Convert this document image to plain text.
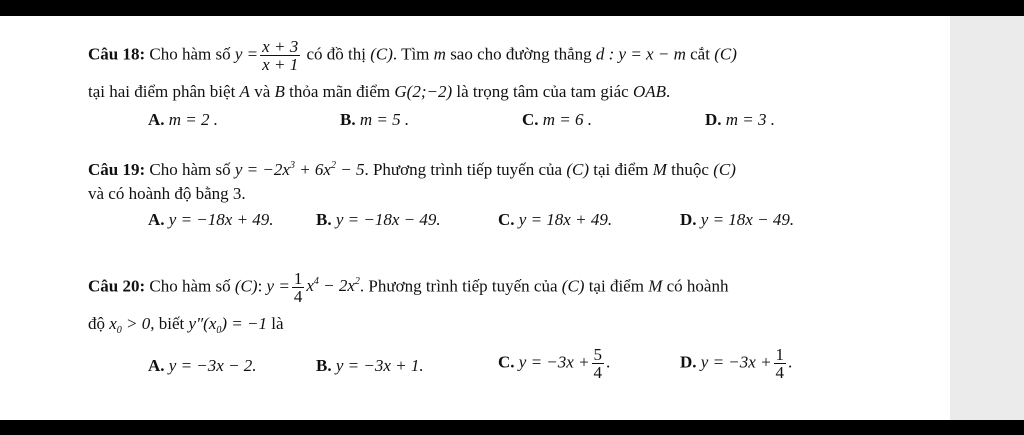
Câu 18: Cho hàm số $y = \frac{x + 3}{x + 1}$ có đồ thị (C). Tìm m sao cho đường thẳng d : y = x − m cắt (C)
tại hai điểm phân biệt A và B thỏa mãn điểm G(2;−2) là trọng tâm của tam giác OAB.
A. m = 2 .	B. m = 5 .	C. m = 6 .	D. m = 3 .
Câu 19: Cho hàm số $y = -2x^3 + 6x^2 - 5$. Phương trình tiếp tuyến của (C) tại điểm M thuộc (C)
và có hoành độ bằng 3.
A. y = −18x + 49. B. y = −18x − 49.	C. y = 18x + 49.	D. y = 18x − 49.
Câu 20: Cho hàm số (C): $y = \frac{1}{4} x^4 - 2x^2$. Phương trình tiếp tuyến của (C) tại điểm M có hoành
độ $x_0 > 0$, biết $y''(x_0) = -1$ là
A. y = −3x − 2.	B. y = −3x + 1.	C. $y = -3x + \frac{5}{4}$ .	D. $y = -3x + \frac{1}{4}$ .
